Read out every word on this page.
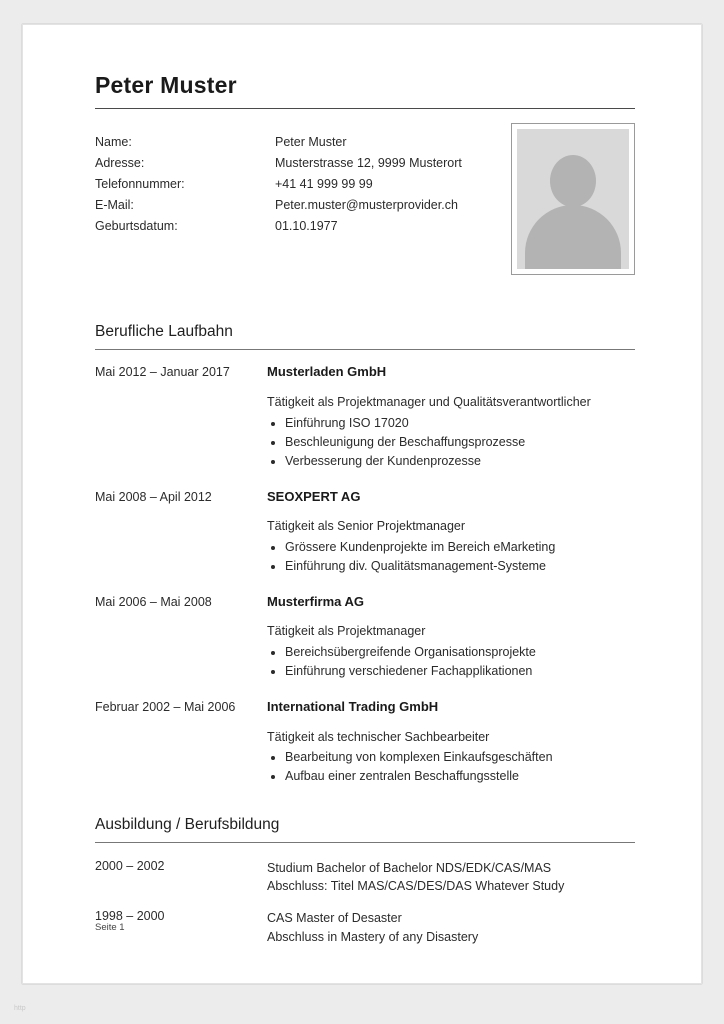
Peter Muster
Name:	Peter Muster
Adresse:	Musterstrasse 12, 9999 Musterort
Telefonnummer:	+41 41 999 99 99
E-Mail:	Peter.muster@musterprovider.ch
Geburtsdatum:	01.10.1977
Berufliche Laufbahn
Mai 2012 – Januar 2017	Musterladen GmbH
Tätigkeit als Projektmanager und Qualitätsverantwortlicher
• Einführung ISO 17020
• Beschleunigung der Beschaffungsprozesse
• Verbesserung der Kundenprozesse
Mai 2008 – Apil 2012	SEOXPERT AG
Tätigkeit als Senior Projektmanager
• Grössere Kundenprojekte im Bereich eMarketing
• Einführung div. Qualitätsmanagement-Systeme
Mai 2006 – Mai 2008	Musterfirma AG
Tätigkeit als Projektmanager
• Bereichsübergreifende Organisationsprojekte
• Einführung verschiedener Fachapplikationen
Februar 2002 – Mai 2006	International Trading GmbH
Tätigkeit als technischer Sachbearbeiter
• Bearbeitung von komplexen Einkaufsgeschäften
• Aufbau einer zentralen Beschaffungsstelle
Ausbildung / Berufsbildung
2000 – 2002	Studium Bachelor of Bachelor NDS/EDK/CAS/MAS
Abschluss: Titel MAS/CAS/DES/DAS Whatever Study
1998 – 2000	CAS Master of Desaster
Abschluss in Mastery of any Disastery
Seite 1
http
